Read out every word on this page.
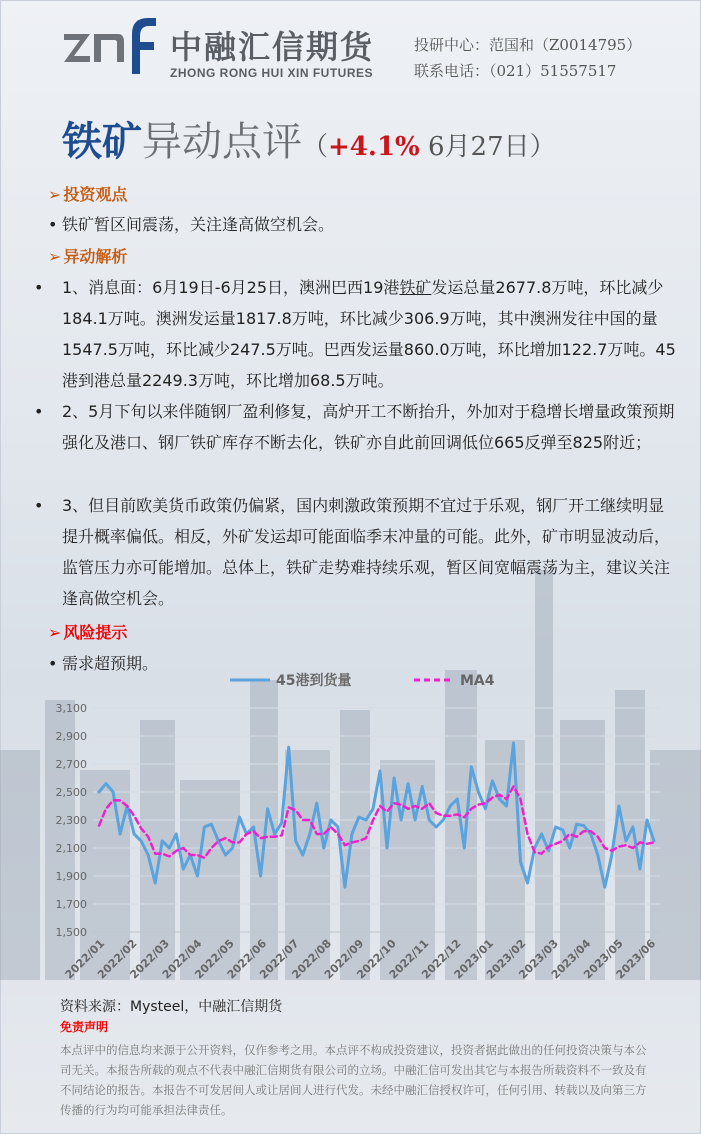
中融汇信期货
ZHONG RONG HUI XIN FUTURES
投研中心：范国和（Z0014795）
联系电话：（021）51557517
铁矿异动点评（+4.1% 6月27日）
➢ 投资观点
• 铁矿暂区间震荡，关注逢高做空机会。
➢ 异动解析
• 1、消息面：6月19日-6月25日，澳洲巴西19港铁矿发运总量2677.8万吨，环比减少184.1万吨。澳洲发运量1817.8万吨，环比减少306.9万吨，其中澳洲发往中国的量1547.5万吨，环比减少247.5万吨。巴西发运量860.0万吨，环比增加122.7万吨。45港到港总量2249.3万吨，环比增加68.5万吨。
• 2、5月下旬以来伴随钢厂盈利修复，高炉开工不断抬升，外加对于稳增长增量政策预期强化及港口、钢厂铁矿库存不断去化，铁矿亦自此前回调低位665反弹至825附近；
• 3、但目前欧美货币政策仍偏紧，国内刺激政策预期不宜过于乐观，钢厂开工继续明显提升概率偏低。相反，外矿发运却可能面临季末冲量的可能。此外，矿市明显波动后，监管压力亦可能增加。总体上，铁矿走势难持续乐观，暂区间宽幅震荡为主，建议关注逢高做空机会。
➢ 风险提示
• 需求超预期。
45港到货量	MA4
1,500
1,700
1,900
2,100
2,300
2,500
2,700
2,900
3,100
2022/01
2022/02
2022/03
2022/04
2022/05
2022/06
2022/07
2022/08
2022/09
2022/10
2022/11
2022/12
2023/01
2023/02
2023/03
2023/04
2023/05
2023/06
资料来源：Mysteel，中融汇信期货
免责声明
本点评中的信息均来源于公开资料，仅作参考之用。本点评不构成投资建议，投资者据此做出的任何投资决策与本公司无关。本报告所载的观点不代表中融汇信期货有限公司的立场。中融汇信可发出其它与本报告所载资料不一致及有不同结论的报告。本报告不可发居间人或让居间人进行代发。未经中融汇信授权许可，任何引用、转载以及向第三方传播的行为均可能承担法律责任。
